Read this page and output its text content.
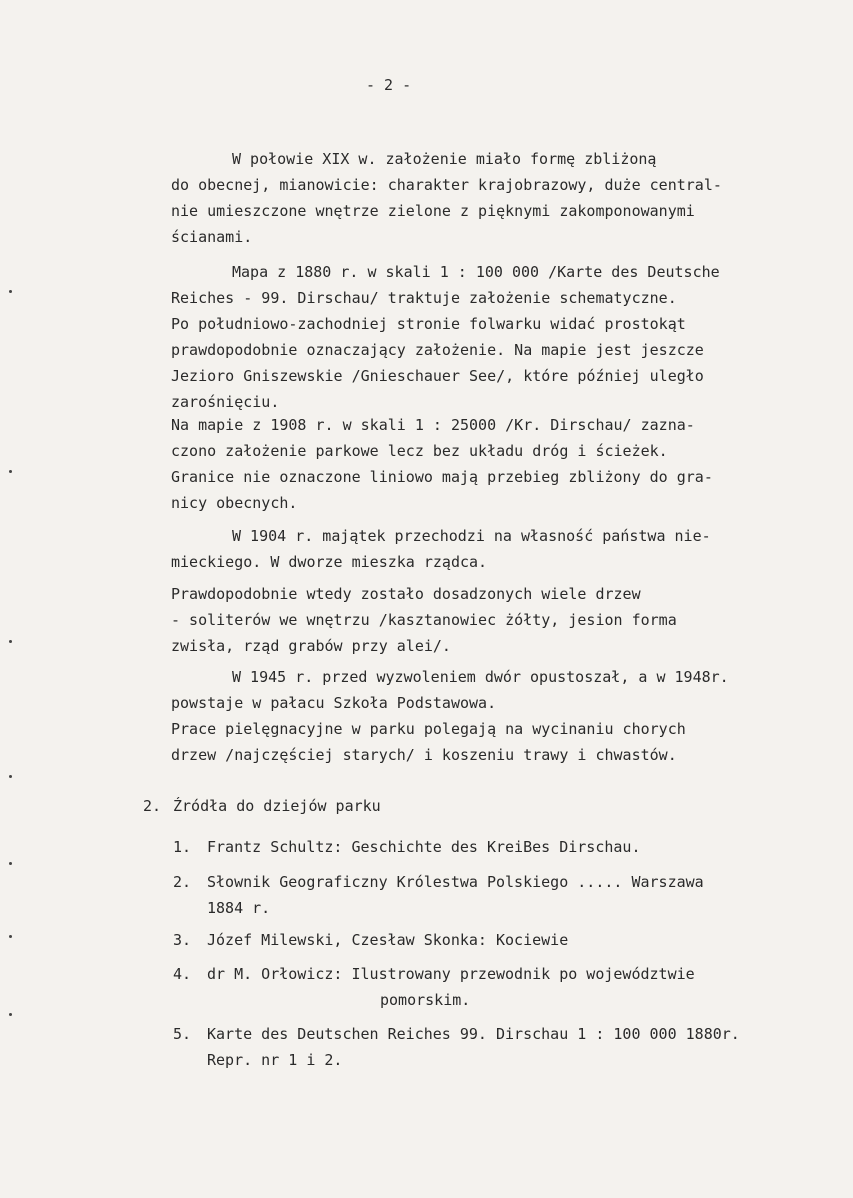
- 2 -
W połowie XIX w. założenie miało formę zbliżoną
do obecnej, mianowicie: charakter krajobrazowy, duże central-
nie umieszczone wnętrze zielone z pięknymi zakomponowanymi
ścianami.
Mapa z 1880 r. w skali 1 : 100 000 /Karte des Deutsche
Reiches - 99. Dirschau/ traktuje założenie schematyczne.
Po południowo-zachodniej stronie folwarku widać prostokąt
prawdopodobnie oznaczający założenie. Na mapie jest jeszcze
Jezioro Gniszewskie /Gnieschauer See/, które później uległo
zarośnięciu.
Na mapie z 1908 r. w skali 1 : 25000 /Kr. Dirschau/ zazna-
czono założenie parkowe lecz bez układu dróg i ścieżek.
Granice nie oznaczone liniowo mają przebieg zbliżony do gra-
nicy obecnych.
W 1904 r. majątek przechodzi na własność państwa nie-
mieckiego. W dworze mieszka rządca.
Prawdopodobnie wtedy zostało dosadzonych wiele drzew
- soliterów we wnętrzu /kasztanowiec żółty, jesion forma
zwisła, rząd grabów przy alei/.
W 1945 r. przed wyzwoleniem dwór opustoszał, a w 1948r.
powstaje w pałacu Szkoła Podstawowa.
Prace pielęgnacyjne w parku polegają na wycinaniu chorych
drzew /najczęściej starych/ i koszeniu trawy i chwastów.
2. Źródła do dziejów parku
1. Frantz Schultz: Geschichte des KreiBes Dirschau.
2. Słownik Geograficzny Królestwa Polskiego ..... Warszawa
1884 r.
3. Józef Milewski, Czesław Skonka: Kociewie
4. dr M. Orłowicz: Ilustrowany przewodnik po województwie
pomorskim.
5. Karte des Deutschen Reiches 99. Dirschau 1 : 100 000 1880r.
Repr. nr 1 i 2.
